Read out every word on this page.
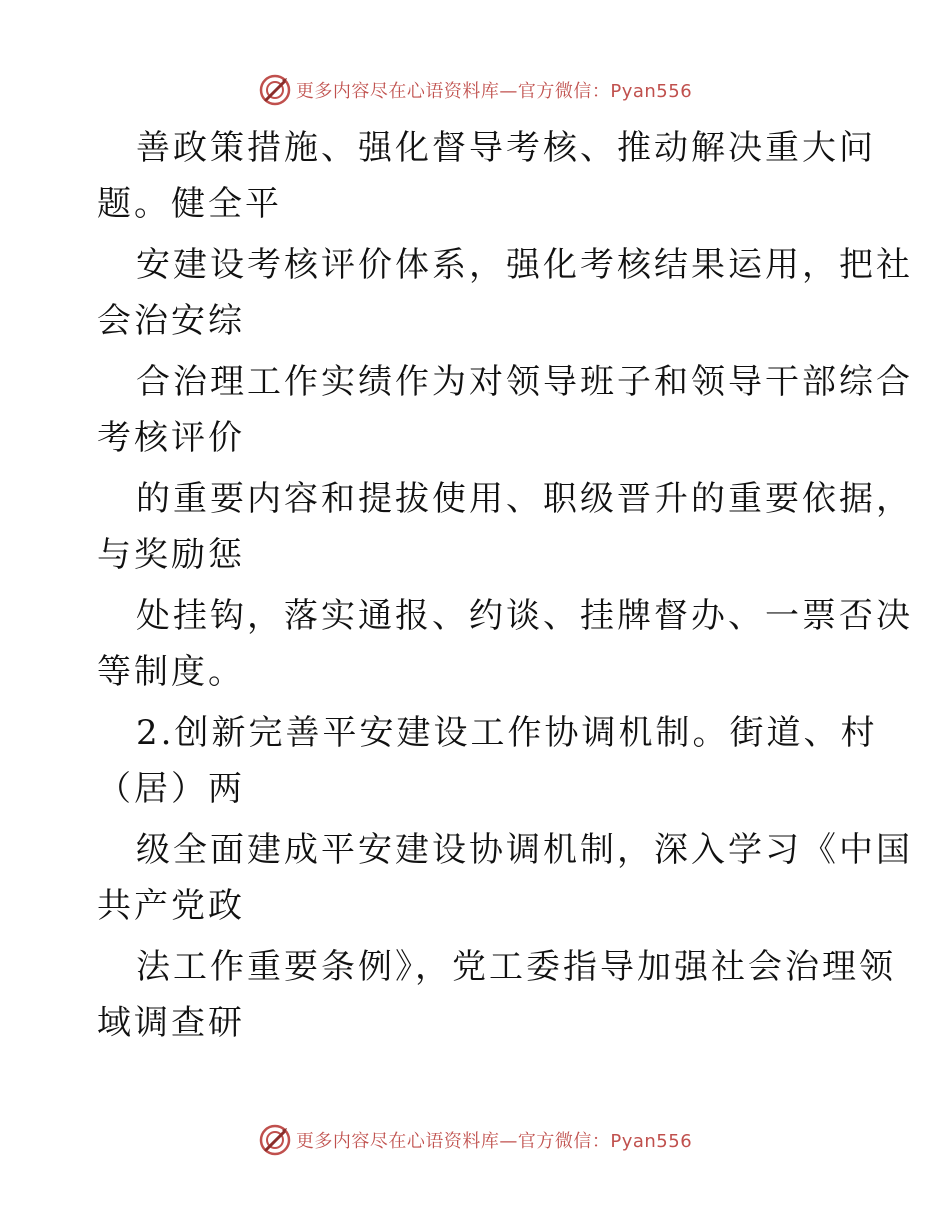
更多内容尽在心语资料库—官方微信：Pyan556
善政策措施、强化督导考核、推动解决重大问
题。健全平
安建设考核评价体系，强化考核结果运用，把社
会治安综
合治理工作实绩作为对领导班子和领导干部综合
考核评价
的重要内容和提拔使用、职级晋升的重要依据，
与奖励惩
处挂钩，落实通报、约谈、挂牌督办、一票否决
等制度。
2.创新完善平安建设工作协调机制。街道、村
（居）两
级全面建成平安建设协调机制，深入学习《中国
共产党政
法工作重要条例》，党工委指导加强社会治理领
域调查研
更多内容尽在心语资料库—官方微信：Pyan556
